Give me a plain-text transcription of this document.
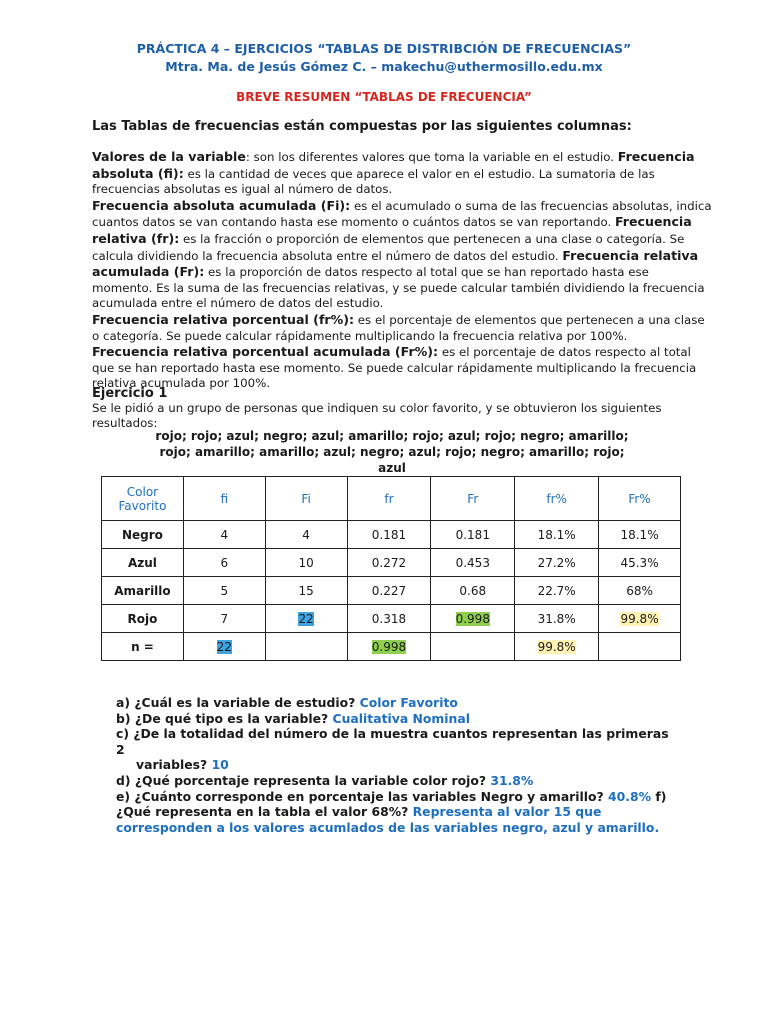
PRÁCTICA 4 – EJERCICIOS “TABLAS DE DISTRIBCIÓN DE FRECUENCIAS”
Mtra. Ma. de Jesús Gómez C. – makechu@uthermosillo.edu.mx
BREVE RESUMEN “TABLAS DE FRECUENCIA”
Las Tablas de frecuencias están compuestas por las siguientes columnas:
Valores de la variable: son los diferentes valores que toma la variable en el estudio. Frecuencia absoluta (fi): es la cantidad de veces que aparece el valor en el estudio. La sumatoria de las frecuencias absolutas es igual al número de datos.
Frecuencia absoluta acumulada (Fi): es el acumulado o suma de las frecuencias absolutas, indica cuantos datos se van contando hasta ese momento o cuántos datos se van reportando. Frecuencia relativa (fr): es la fracción o proporción de elementos que pertenecen a una clase o categoría. Se calcula dividiendo la frecuencia absoluta entre el número de datos del estudio. Frecuencia relativa acumulada (Fr): es la proporción de datos respecto al total que se han reportado hasta ese momento. Es la suma de las frecuencias relativas, y se puede calcular también dividiendo la frecuencia acumulada entre el número de datos del estudio.
Frecuencia relativa porcentual (fr%): es el porcentaje de elementos que pertenecen a una clase o categoría. Se puede calcular rápidamente multiplicando la frecuencia relativa por 100%.
Frecuencia relativa porcentual acumulada (Fr%): es el porcentaje de datos respecto al total que se han reportado hasta ese momento. Se puede calcular rápidamente multiplicando la frecuencia relativa acumulada por 100%.
Ejercicio 1
Se le pidió a un grupo de personas que indiquen su color favorito, y se obtuvieron los siguientes resultados:
rojo; rojo; azul; negro; azul; amarillo; rojo; azul; rojo; negro; amarillo;
rojo; amarillo; amarillo; azul; negro; azul; rojo; negro; amarillo; rojo;
azul
Color Favorito	fi	Fi	fr	Fr	fr%	Fr%
Negro	4	4	0.181	0.181	18.1%	18.1%
Azul	6	10	0.272	0.453	27.2%	45.3%
Amarillo	5	15	0.227	0.68	22.7%	68%
Rojo	7	22	0.318	0.998	31.8%	99.8%
n =	22		0.998		99.8%	
a) ¿Cuál es la variable de estudio? Color Favorito
b) ¿De qué tipo es la variable? Cualitativa Nominal
c) ¿De la totalidad del número de la muestra cuantos representan las primeras 2
variables? 10
d) ¿Qué porcentaje representa la variable color rojo? 31.8%
e) ¿Cuánto corresponde en porcentaje las variables Negro y amarillo? 40.8% f)
¿Qué representa en la tabla el valor 68%? Representa al valor 15 que corresponden a los valores acumlados de las variables negro, azul y amarillo.
